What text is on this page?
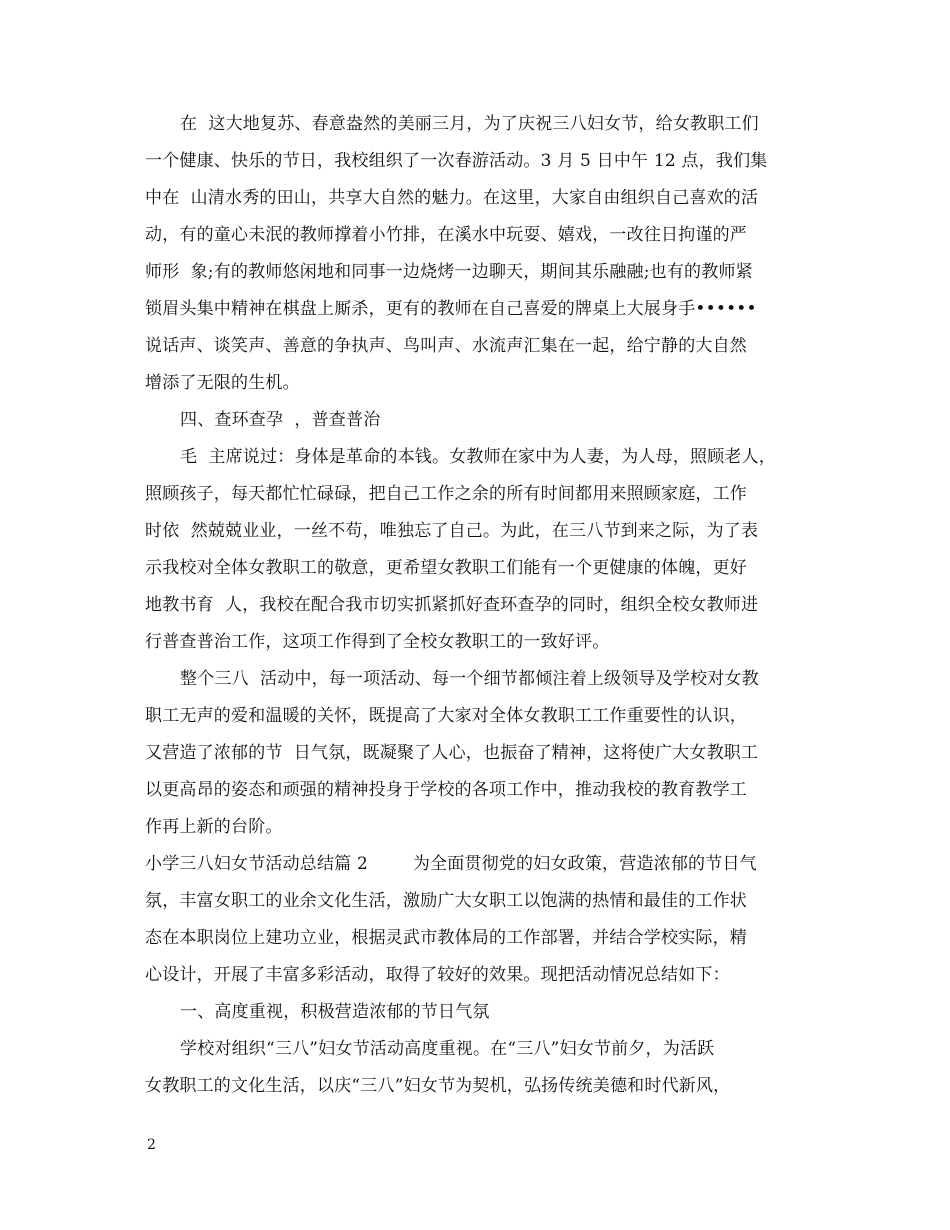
在  这大地复苏、春意盎然的美丽三月，为了庆祝三八妇女节，给女教职工们
一个健康、快乐的节日，我校组织了一次春游活动。3 月 5 日中午 12 点，我们集
中在  山清水秀的田山，共享大自然的魅力。在这里，大家自由组织自己喜欢的活
动，有的童心未泯的教师撑着小竹排，在溪水中玩耍、嬉戏，一改往日拘谨的严
师形  象;有的教师悠闲地和同事一边烧烤一边聊天，期间其乐融融;也有的教师紧
锁眉头集中精神在棋盘上厮杀，更有的教师在自己喜爱的牌桌上大展身手••••••
说话声、谈笑声、善意的争执声、鸟叫声、水流声汇集在一起，给宁静的大自然
增添了无限的生机。
四、查环查孕  ，普查普治
毛  主席说过：身体是革命的本钱。女教师在家中为人妻，为人母，照顾老人，
照顾孩子，每天都忙忙碌碌，把自己工作之余的所有时间都用来照顾家庭，工作
时依  然兢兢业业，一丝不苟，唯独忘了自己。为此，在三八节到来之际，为了表
示我校对全体女教职工的敬意，更希望女教职工们能有一个更健康的体魄，更好
地教书育  人，我校在配合我市切实抓紧抓好查环查孕的同时，组织全校女教师进
行普查普治工作，这项工作得到了全校女教职工的一致好评。
整个三八  活动中，每一项活动、每一个细节都倾注着上级领导及学校对女教
职工无声的爱和温暖的关怀，既提高了大家对全体女教职工工作重要性的认识，
又营造了浓郁的节  日气氛，既凝聚了人心，也振奋了精神，这将使广大女教职工
以更高昂的姿态和顽强的精神投身于学校的各项工作中，推动我校的教育教学工
作再上新的台阶。
小学三八妇女节活动总结篇 2        为全面贯彻党的妇女政策，营造浓郁的节日气
氛，丰富女职工的业余文化生活，激励广大女职工以饱满的热情和最佳的工作状
态在本职岗位上建功立业，根据灵武市教体局的工作部署，并结合学校实际，精
心设计，开展了丰富多彩活动，取得了较好的效果。现把活动情况总结如下：
一、高度重视，积极营造浓郁的节日气氛
学校对组织“三八”妇女节活动高度重视。在“三八”妇女节前夕，为活跃
女教职工的文化生活，以庆“三八”妇女节为契机，弘扬传统美德和时代新风，
2
